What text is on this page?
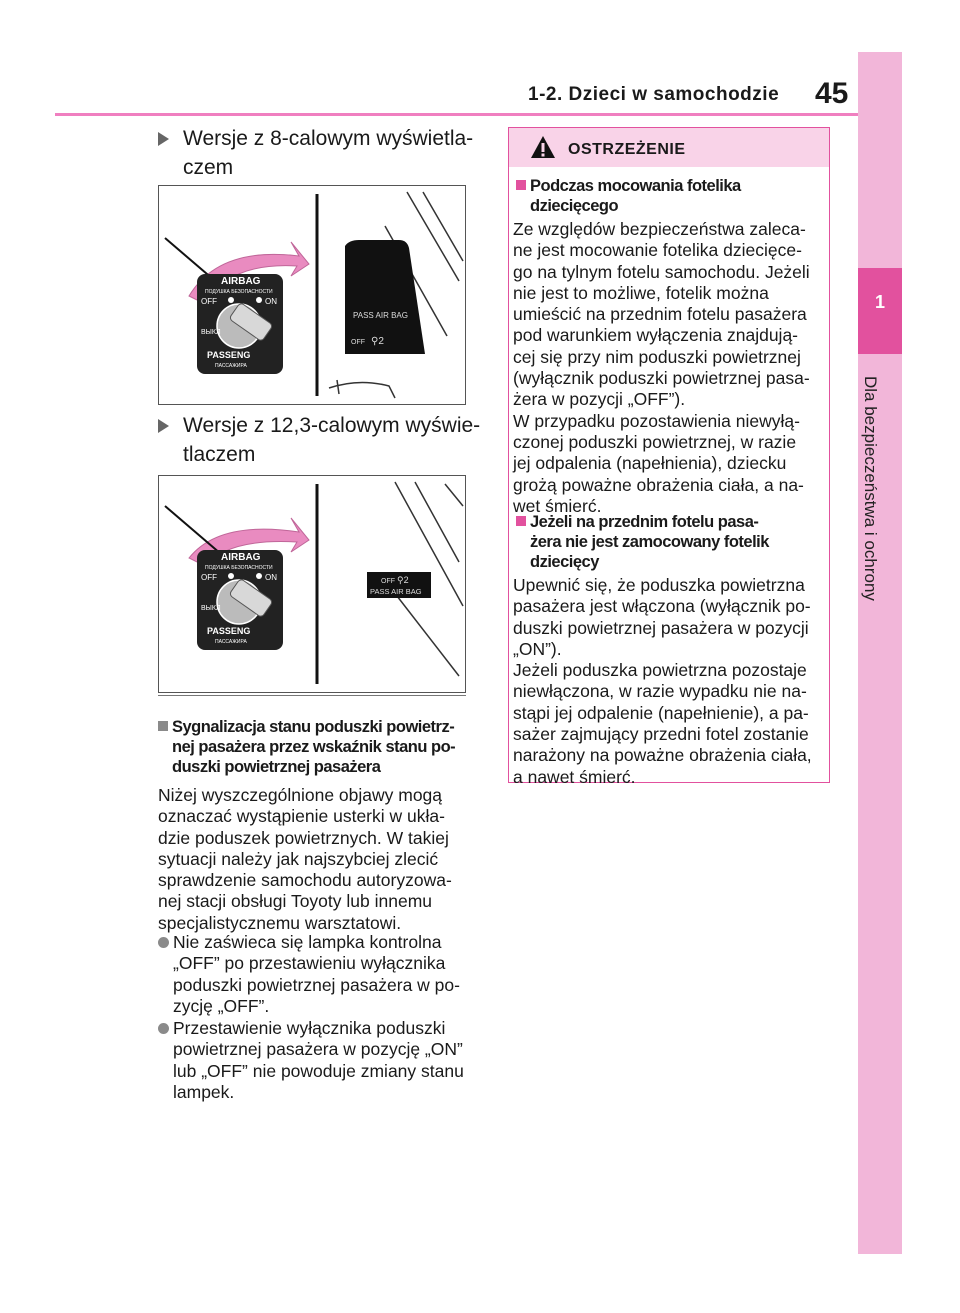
1-2. Dzieci w samochodzie 45
1
Dla bezpieczeństwa i ochrony
Wersje z 8-calowym wyświetla-
czem
AIRBAG
ПОДУШКА БЕЗОПАСНОСТИ
OFF	ON
ВЫКЛ
PASSENG
ПАССАЖИРА
PASS AIR BAG
OFF ⚲2
Wersje z 12,3-calowym wyświe-
tlaczem
AIRBAG
ПОДУШКА БЕЗОПАСНОСТИ
OFF	ON
ВЫКЛ
PASSENG
ПАССАЖИРА
OFF ⚲2
PASS AIR BAG
Sygnalizacja stanu poduszki powietrz-
nej pasażera przez wskaźnik stanu po-
duszki powietrznej pasażera
Niżej wyszczególnione objawy mogą
oznaczać wystąpienie usterki w ukła-
dzie poduszek powietrznych. W takiej
sytuacji należy jak najszybciej zlecić
sprawdzenie samochodu autoryzowa-
nej stacji obsługi Toyoty lub innemu
specjalistycznemu warsztatowi.
Nie zaświeca się lampka kontrolna
„OFF” po przestawieniu wyłącznika
poduszki powietrznej pasażera w po-
zycję „OFF”.
Przestawienie wyłącznika poduszki
powietrznej pasażera w pozycję „ON”
lub „OFF” nie powoduje zmiany stanu
lampek.
OSTRZEŻENIE
Podczas mocowania fotelika
dziecięcego
Ze względów bezpieczeństwa zaleca-
ne jest mocowanie fotelika dziecięce-
go na tylnym fotelu samochodu. Jeżeli
nie jest to możliwe, fotelik można
umieścić na przednim fotelu pasażera
pod warunkiem wyłączenia znajdują-
cej się przy nim poduszki powietrznej
(wyłącznik poduszki powietrznej pasa-
żera w pozycji „OFF”).
W przypadku pozostawienia niewyłą-
czonej poduszki powietrznej, w razie
jej odpalenia (napełnienia), dziecku
grożą poważne obrażenia ciała, a na-
wet śmierć.
Jeżeli na przednim fotelu pasa-
żera nie jest zamocowany fotelik
dziecięcy
Upewnić się, że poduszka powietrzna
pasażera jest włączona (wyłącznik po-
duszki powietrznej pasażera w pozycji
„ON”).
Jeżeli poduszka powietrzna pozostaje
niewłączona, w razie wypadku nie na-
stąpi jej odpalenie (napełnienie), a pa-
sażer zajmujący przedni fotel zostanie
narażony na poważne obrażenia ciała,
a nawet śmierć.
